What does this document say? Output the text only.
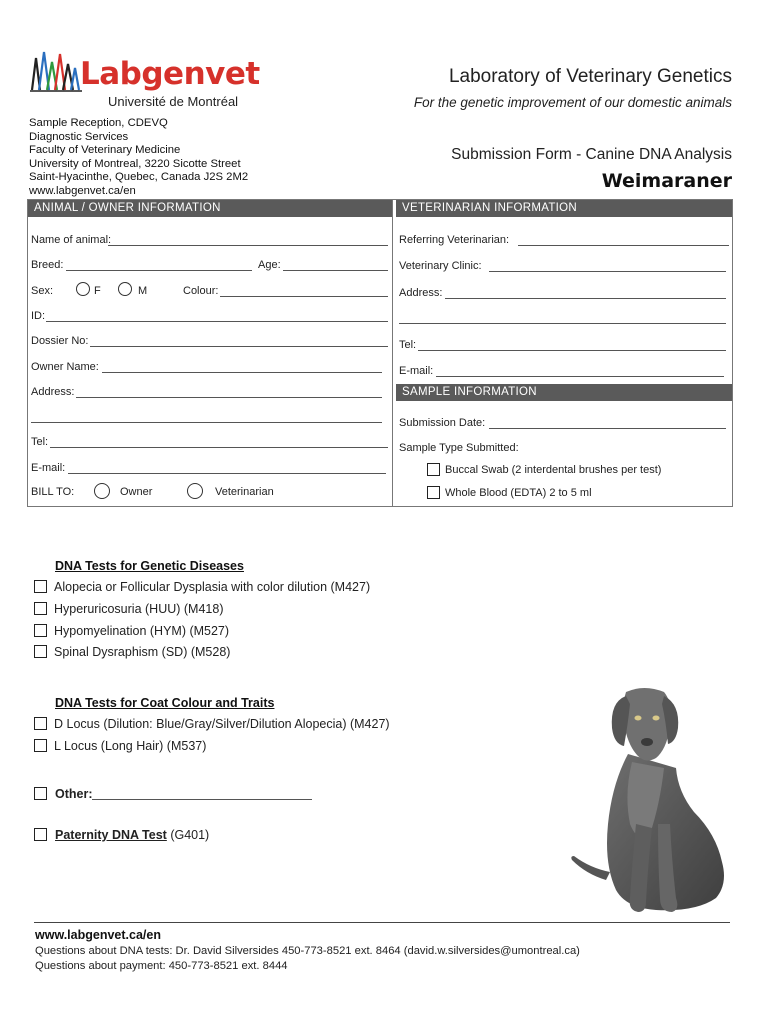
Labgenvet
Université de Montréal
Laboratory of Veterinary Genetics
For the genetic improvement of our domestic animals
Sample Reception, CDEVQ
Diagnostic Services
Faculty of Veterinary Medicine
University of Montreal, 3220 Sicotte Street
Saint-Hyacinthe, Quebec, Canada J2S 2M2
www.labgenvet.ca/en
Submission Form - Canine DNA Analysis
Weimaraner
ANIMAL / OWNER INFORMATION
Name of animal:
Breed:	Age:
Sex:	F	M	Colour:
ID:
Dossier No:
Owner Name:
Address:
Tel:
E-mail:
BILL TO:	Owner	Veterinarian
VETERINARIAN INFORMATION
Referring Veterinarian:
Veterinary Clinic:
Address:
Tel:
E-mail:
SAMPLE INFORMATION
Submission Date:
Sample Type Submitted:
Buccal Swab (2 interdental brushes per test)
Whole Blood (EDTA) 2 to 5 ml
DNA Tests for Genetic Diseases
Alopecia or Follicular Dysplasia with color dilution (M427)
Hyperuricosuria (HUU) (M418)
Hypomyelination (HYM) (M527)
Spinal Dysraphism (SD) (M528)
DNA Tests for Coat Colour and Traits
D Locus (Dilution: Blue/Gray/Silver/Dilution Alopecia) (M427)
L Locus (Long Hair) (M537)
Other:
Paternity DNA Test (G401)
www.labgenvet.ca/en
Questions about DNA tests: Dr. David Silversides 450-773-8521 ext. 8464 (david.w.silversides@umontreal.ca)
Questions about payment: 450-773-8521 ext. 8444
